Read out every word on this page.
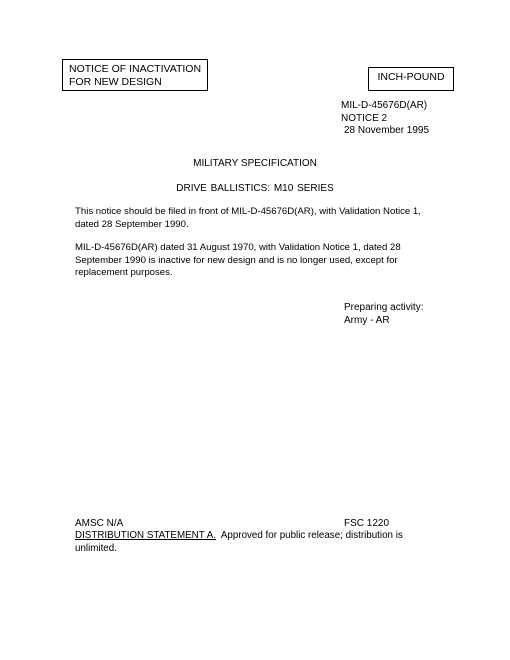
NOTICE OF INACTIVATION
FOR NEW DESIGN	INCH-POUND
MIL-D-45676D(AR)
NOTICE 2
28 November 1995
MILITARY SPECIFICATION
DRIVE BALLISTICS: M10 SERIES
This notice should be filed in front of MIL-D-45676D(AR), with Validation Notice 1, dated 28 September 1990.
MIL-D-45676D(AR) dated 31 August 1970, with Validation Notice 1, dated 28 September 1990 is inactive for new design and is no longer used, except for replacement purposes.
Preparing activity:
Army - AR
AMSC N/A	FSC 1220
DISTRIBUTION STATEMENT A.  Approved for public release; distribution is unlimited.
